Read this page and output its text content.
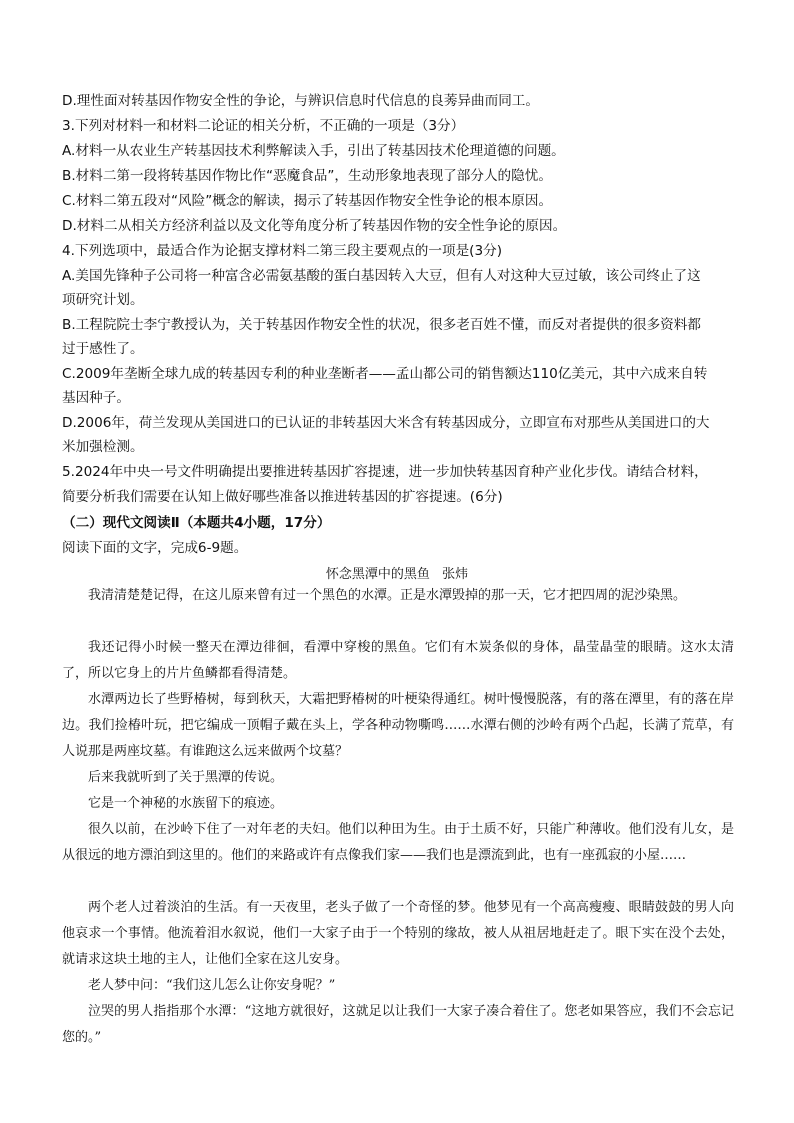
D.理性面对转基因作物安全性的争论，与辨识信息时代信息的良莠异曲而同工。
3.下列对材料一和材料二论证的相关分析，不正确的一项是（3分）
A.材料一从农业生产转基因技术利弊解读入手，引出了转基因技术伦理道德的问题。
B.材料二第一段将转基因作物比作“恶魔食品”，生动形象地表现了部分人的隐忧。
C.材料二第五段对“风险”概念的解读，揭示了转基因作物安全性争论的根本原因。
D.材料二从相关方经济利益以及文化等角度分析了转基因作物的安全性争论的原因。
4.下列选项中，最适合作为论据支撑材料二第三段主要观点的一项是(3分)
A.美国先锋种子公司将一种富含必需氨基酸的蛋白基因转入大豆，但有人对这种大豆过敏，该公司终止了这
项研究计划。
B.工程院院士李宁教授认为，关于转基因作物安全性的状况，很多老百姓不懂，而反对者提供的很多资料都
过于感性了。
C.2009年垄断全球九成的转基因专利的种业垄断者——孟山都公司的销售额达110亿美元，其中六成来自转
基因种子。
D.2006年，荷兰发现从美国进口的已认证的非转基因大米含有转基因成分，立即宣布对那些从美国进口的大
米加强检测。
5.2024年中央一号文件明确提出要推进转基因扩容提速，进一步加快转基因育种产业化步伐。请结合材料，
简要分析我们需要在认知上做好哪些准备以推进转基因的扩容提速。(6分)
（二）现代文阅读Ⅱ（本题共4小题，17分）
阅读下面的文字，完成6-9题。
怀念黑潭中的黑鱼 张炜
我清清楚楚记得，在这儿原来曾有过一个黑色的水潭。正是水潭毁掉的那一天，它才把四周的泥沙染黑。
我还记得小时候一整天在潭边徘徊，看潭中穿梭的黑鱼。它们有木炭条似的身体，晶莹晶莹的眼睛。这水太清了，所以它身上的片片鱼鳞都看得清楚。
水潭两边长了些野椿树，每到秋天，大霜把野椿树的叶梗染得通红。树叶慢慢脱落，有的落在潭里，有的落在岸边。我们捡椿叶玩，把它编成一顶帽子戴在头上，学各种动物嘶鸣……水潭右侧的沙岭有两个凸起，长满了荒草，有人说那是两座坟墓。有谁跑这么远来做两个坟墓？
后来我就听到了关于黑潭的传说。
它是一个神秘的水族留下的痕迹。
很久以前，在沙岭下住了一对年老的夫妇。他们以种田为生。由于土质不好，只能广种薄收。他们没有儿女，是从很远的地方漂泊到这里的。他们的来路或许有点像我们家——我们也是漂流到此，也有一座孤寂的小屋……
两个老人过着淡泊的生活。有一天夜里，老头子做了一个奇怪的梦。他梦见有一个高高瘦瘦、眼睛鼓鼓的男人向他哀求一个事情。他流着泪水叙说，他们一大家子由于一个特别的缘故，被人从祖居地赶走了。眼下实在没个去处，就请求这块土地的主人，让他们全家在这儿安身。
老人梦中问：“我们这儿怎么让你安身呢？”
泣哭的男人指指那个水潭：“这地方就很好，这就足以让我们一大家子凑合着住了。您老如果答应，我们不会忘记您的。”
